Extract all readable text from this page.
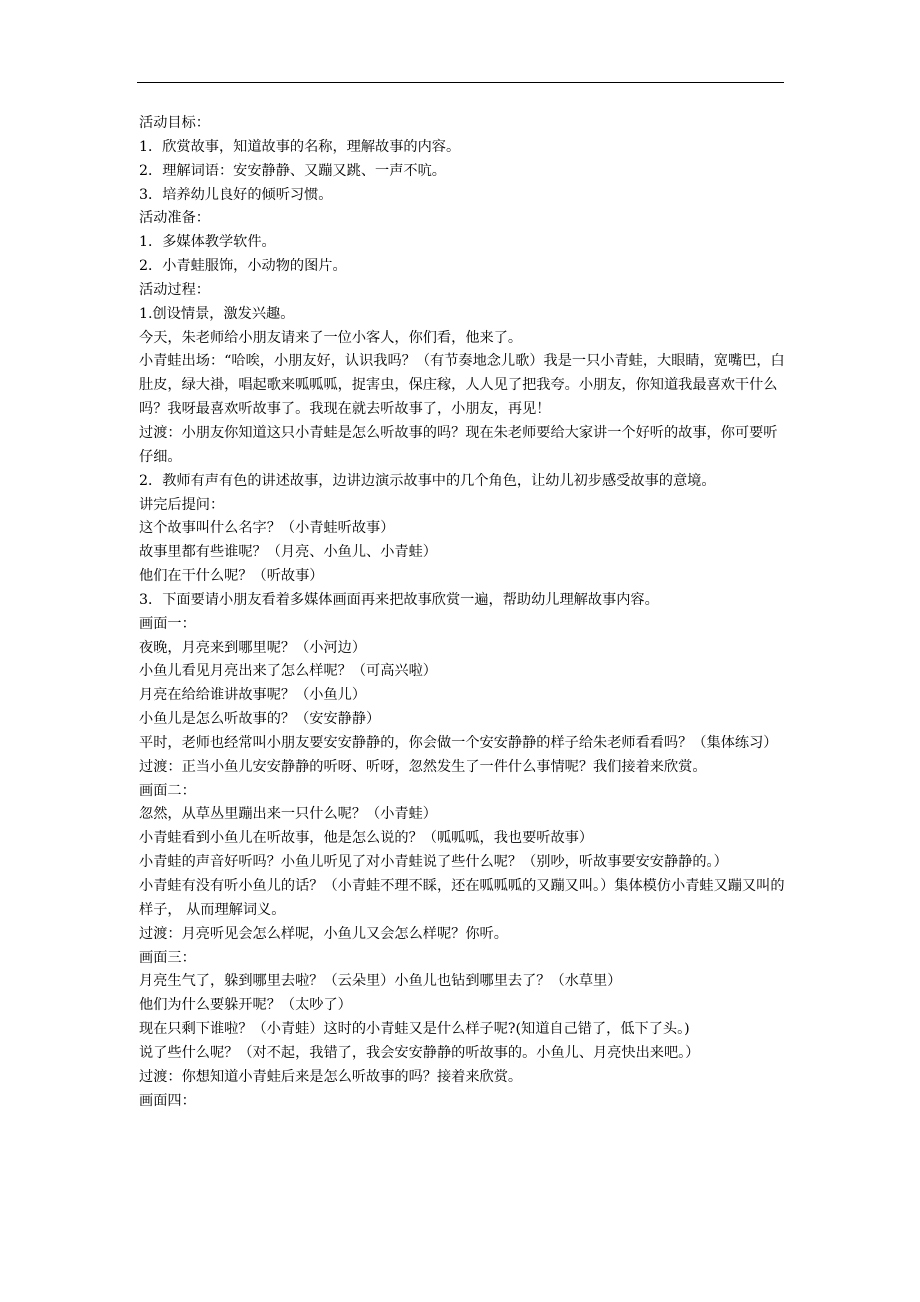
活动目标：

1．欣赏故事，知道故事的名称，理解故事的内容。

2．理解词语：安安静静、又蹦又跳、一声不吭。

3．培养幼儿良好的倾听习惯。

活动准备：

1．多媒体教学软件。

2．小青蛙服饰，小动物的图片。

活动过程：

1.创设情景，激发兴趣。

今天，朱老师给小朋友请来了一位小客人，你们看，他来了。

小青蛙出场：“哈唉，小朋友好，认识我吗？（有节奏地念儿歌）我是一只小青蛙，大眼睛，宽嘴巴，白肚皮，绿大褂，唱起歌来呱呱呱，捉害虫，保庄稼，人人见了把我夸。小朋友，你知道我最喜欢干什么吗？我呀最喜欢听故事了。我现在就去听故事了，小朋友，再见！

过渡：小朋友你知道这只小青蛙是怎么听故事的吗？现在朱老师要给大家讲一个好听的故事，你可要听仔细。

2．教师有声有色的讲述故事，边讲边演示故事中的几个角色，让幼儿初步感受故事的意境。

讲完后提问：

这个故事叫什么名字？（小青蛙听故事）

故事里都有些谁呢？（月亮、小鱼儿、小青蛙）

他们在干什么呢？（听故事）

3．下面要请小朋友看着多媒体画面再来把故事欣赏一遍，帮助幼儿理解故事内容。

画面一：

夜晚，月亮来到哪里呢？（小河边）

小鱼儿看见月亮出来了怎么样呢？（可高兴啦）

月亮在给给谁讲故事呢？（小鱼儿）

小鱼儿是怎么听故事的？（安安静静）

平时，老师也经常叫小朋友要安安静静的，你会做一个安安静静的样子给朱老师看看吗？（集体练习）

过渡：正当小鱼儿安安静静的听呀、听呀，忽然发生了一件什么事情呢？我们接着来欣赏。

画面二：

忽然，从草丛里蹦出来一只什么呢？（小青蛙）

小青蛙看到小鱼儿在听故事，他是怎么说的？（呱呱呱，我也要听故事）

小青蛙的声音好听吗？小鱼儿听见了对小青蛙说了些什么呢？（别吵，听故事要安安静静的。）

小青蛙有没有听小鱼儿的话？（小青蛙不理不睬，还在呱呱呱的又蹦又叫。）集体模仿小青蛙又蹦又叫的样子， 从而理解词义。

过渡：月亮听见会怎么样呢，小鱼儿又会怎么样呢？你听。

画面三：

月亮生气了，躲到哪里去啦？（云朵里）小鱼儿也钻到哪里去了？（水草里）

他们为什么要躲开呢？（太吵了）

现在只剩下谁啦？（小青蛙）这时的小青蛙又是什么样子呢?(知道自己错了，低下了头。)

说了些什么呢？（对不起，我错了，我会安安静静的听故事的。小鱼儿、月亮快出来吧。）

过渡：你想知道小青蛙后来是怎么听故事的吗？接着来欣赏。

画面四：
